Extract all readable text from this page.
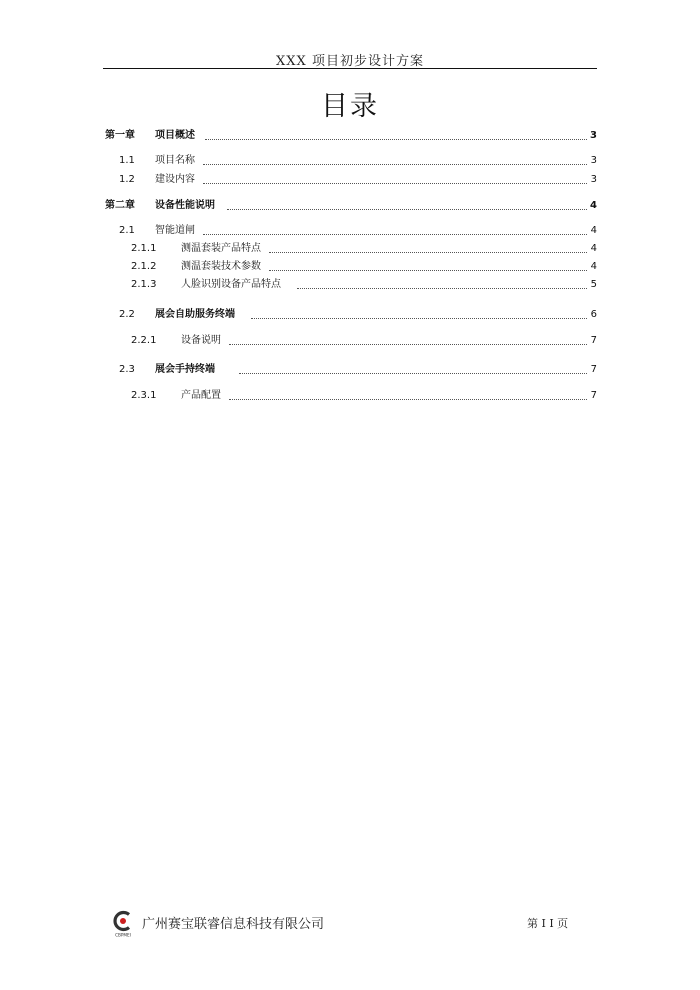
XXX 项目初步设计方案
目录
第一章 项目概述	3
1.1 项目名称	3
1.2 建设内容	3
第二章 设备性能说明	4
2.1 智能道闸	4
2.1.1 测温套装产品特点	4
2.1.2 测温套装技术参数	4
2.1.3 人脸识别设备产品特点	5
2.2 展会自助服务终端	6
2.2.1 设备说明	7
2.3 展会手持终端	7
2.3.1 产品配置	7
CBPMEI
广州赛宝联睿信息科技有限公司	第 I I 页
